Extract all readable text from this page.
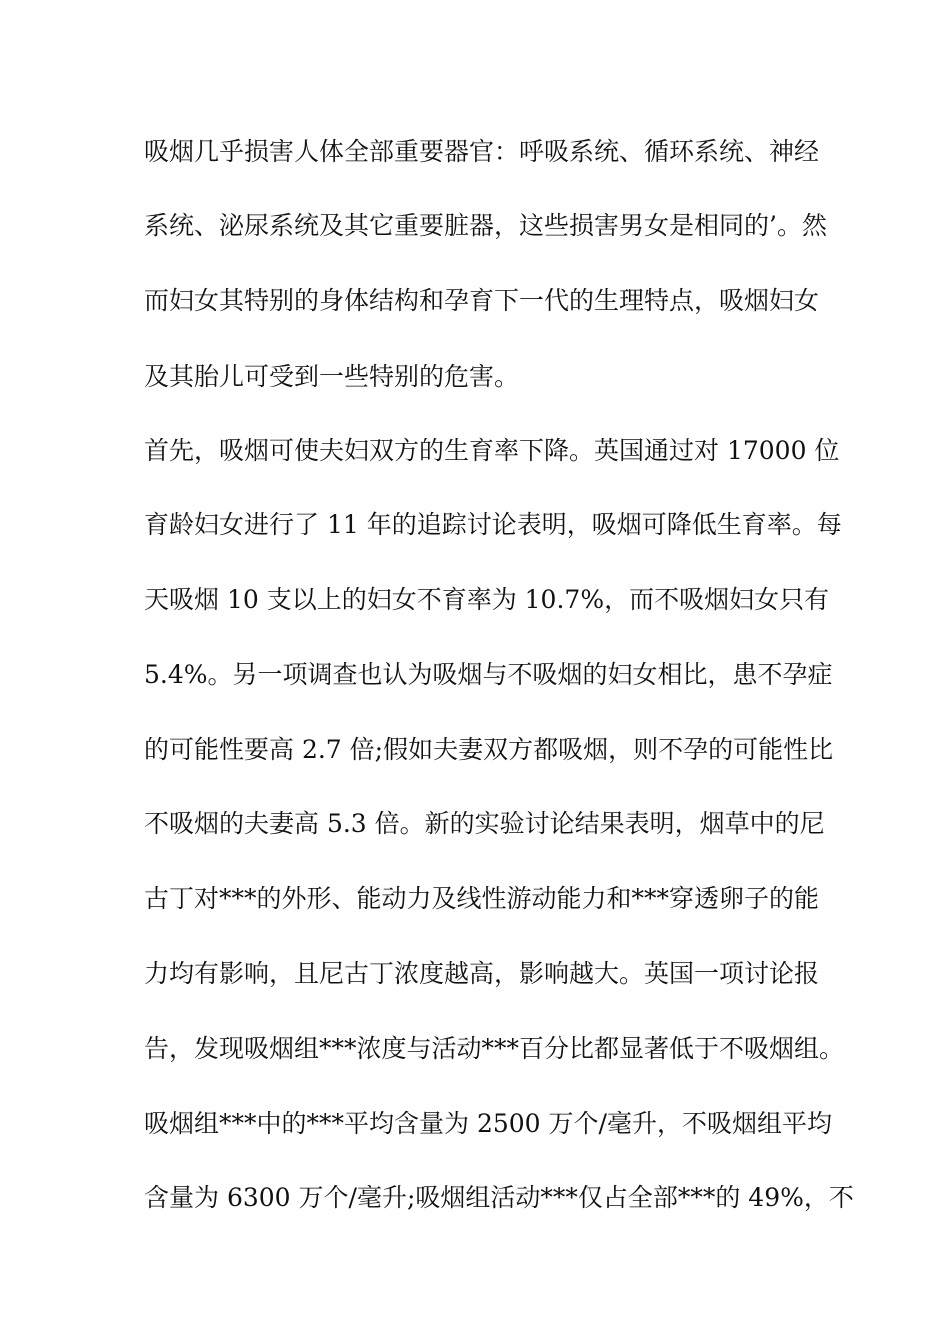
吸烟几乎损害人体全部重要器官：呼吸系统、循环系统、神经
系统、泌尿系统及其它重要脏器，这些损害男女是相同的’。然
而妇女其特别的身体结构和孕育下一代的生理特点，吸烟妇女
及其胎儿可受到一些特别的危害。
首先，吸烟可使夫妇双方的生育率下降。英国通过对 17000 位
育龄妇女进行了 11 年的追踪讨论表明，吸烟可降低生育率。每
天吸烟 10 支以上的妇女不育率为 10.7%，而不吸烟妇女只有
5.4%。另一项调查也认为吸烟与不吸烟的妇女相比，患不孕症
的可能性要高 2.7 倍;假如夫妻双方都吸烟，则不孕的可能性比
不吸烟的夫妻高 5.3 倍。新的实验讨论结果表明，烟草中的尼
古丁对***的外形、能动力及线性游动能力和***穿透卵子的能
力均有影响，且尼古丁浓度越高，影响越大。英国一项讨论报
告，发现吸烟组***浓度与活动***百分比都显著低于不吸烟组。
吸烟组***中的***平均含量为 2500 万个/毫升，不吸烟组平均
含量为 6300 万个/毫升;吸烟组活动***仅占全部***的 49%，不
